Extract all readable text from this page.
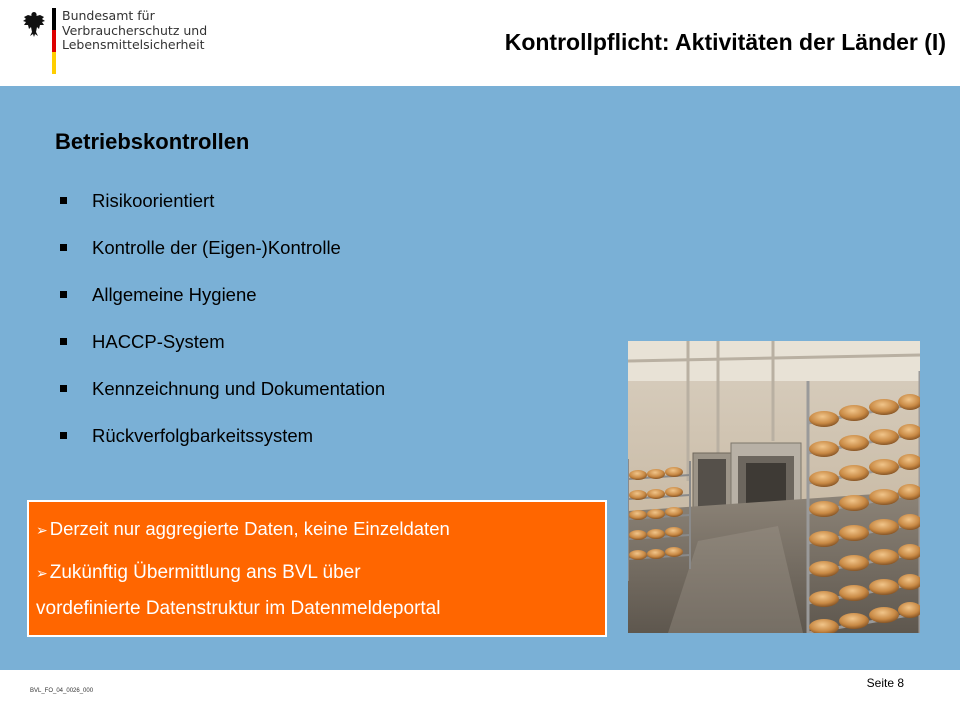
Bundesamt für
Verbraucherschutz und
Lebensmittelsicherheit	Kontrollpflicht: Aktivitäten der Länder (I)
Betriebskontrollen
Risikoorientiert
Kontrolle der (Eigen-)Kontrolle
Allgemeine Hygiene
HACCP-System
Kennzeichnung und Dokumentation
Rückverfolgbarkeitssystem
➢ Derzeit nur aggregierte Daten, keine Einzeldaten
➢ Zukünftig Übermittlung ans BVL über
vordefinierte Datenstruktur im Datenmeldeportal
BVL_FO_04_0026_000
Seite 8
